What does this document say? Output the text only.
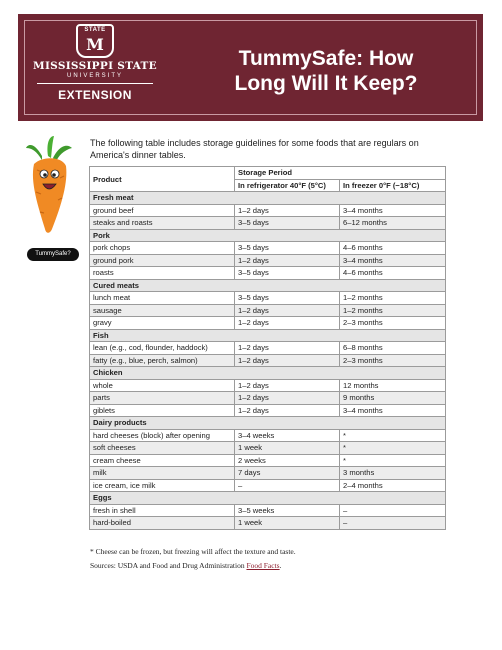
STATE
M
MISSISSIPPI STATE
UNIVERSITY
EXTENSION
TummySafe: How Long Will It Keep?
TummySafe?
The following table includes storage guidelines for some foods that are regulars on America's dinner tables.
Product	Storage Period	
	In refrigerator 40°F (5°C)	In freezer 0°F (−18°C)
Fresh meat		
ground beef	1–2 days	3–4 months
steaks and roasts	3–5 days	6–12 months
Pork		
pork chops	3–5 days	4–6 months
ground pork	1–2 days	3–4 months
roasts	3–5 days	4–6 months
Cured meats		
lunch meat	3–5 days	1–2 months
sausage	1–2 days	1–2 months
gravy	1–2 days	2–3 months
Fish		
lean (e.g., cod, flounder, haddock)	1–2 days	6–8 months
fatty (e.g., blue, perch, salmon)	1–2 days	2–3 months
Chicken		
whole	1–2 days	12 months
parts	1–2 days	9 months
giblets	1–2 days	3–4 months
Dairy products		
hard cheeses (block) after opening	3–4 weeks	*
soft cheeses	1 week	*
cream cheese	2 weeks	*
milk	7 days	3 months
ice cream, ice milk	–	2–4 months
Eggs		
fresh in shell	3–5 weeks	–
hard-boiled	1 week	–
* Cheese can be frozen, but freezing will affect the texture and taste.
Sources: USDA and Food and Drug Administration Food Facts.
